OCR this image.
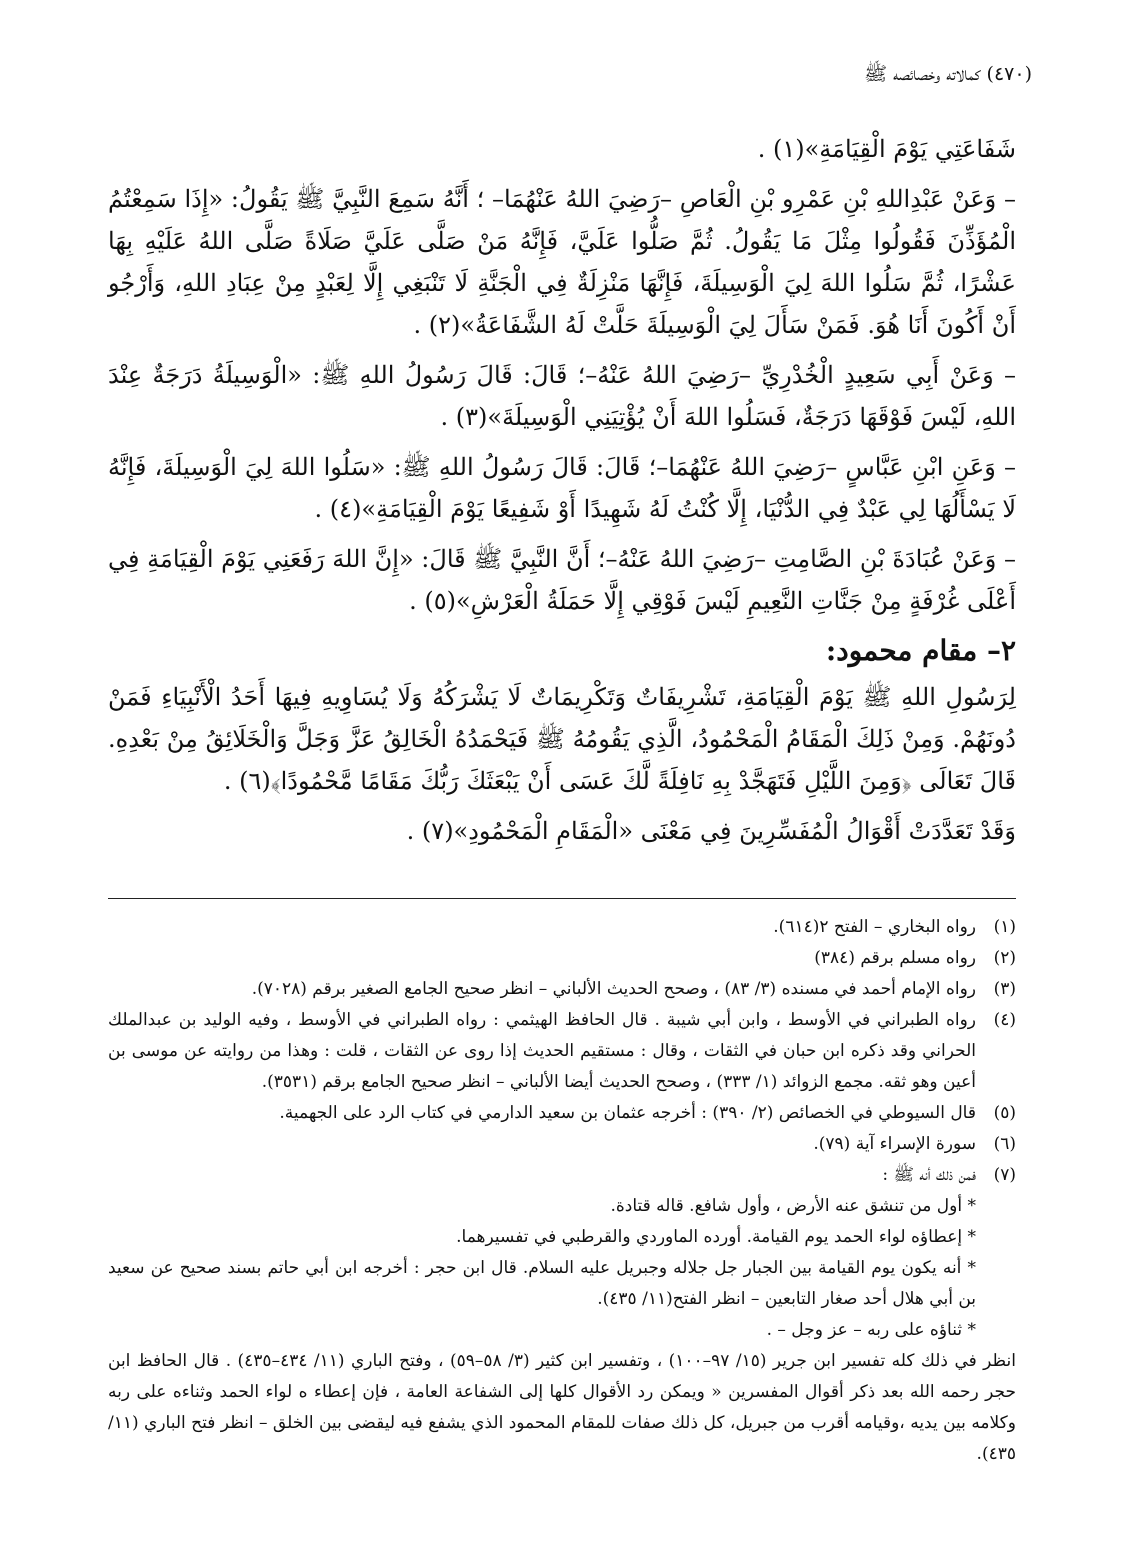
(٤٧٠) كمالاته وخصائصه ﷺ

شَفَاعَتِي يَوْمَ الْقِيَامَةِ»(١) .

– وَعَنْ عَبْدِاللهِ بْنِ عَمْرِو بْنِ الْعَاصِ –رَضِيَ اللهُ عَنْهُمَا– ؛ أَنَّهُ سَمِعَ النَّبِيَّ ﷺ يَقُولُ: «إِذَا سَمِعْتُمُ الْمُؤَذِّنَ فَقُولُوا مِثْلَ مَا يَقُولُ. ثُمَّ صَلُّوا عَلَيَّ، فَإِنَّهُ مَنْ صَلَّى عَلَيَّ صَلَاةً صَلَّى اللهُ عَلَيْهِ بِهَا عَشْرًا، ثُمَّ سَلُوا اللهَ لِيَ الْوَسِيلَةَ، فَإِنَّهَا مَنْزِلَةٌ فِي الْجَنَّةِ لَا تَنْبَغِي إِلَّا لِعَبْدٍ مِنْ عِبَادِ اللهِ، وَأَرْجُو أَنْ أَكُونَ أَنَا هُوَ. فَمَنْ سَأَلَ لِيَ الْوَسِيلَةَ حَلَّتْ لَهُ الشَّفَاعَةُ»(٢) .

– وَعَنْ أَبِي سَعِيدٍ الْخُدْرِيِّ –رَضِيَ اللهُ عَنْهُ–؛ قَالَ: قَالَ رَسُولُ اللهِ ﷺ: «الْوَسِيلَةُ دَرَجَةٌ عِنْدَ اللهِ، لَيْسَ فَوْقَهَا دَرَجَةٌ، فَسَلُوا اللهَ أَنْ يُؤْتِيَنِي الْوَسِيلَةَ»(٣) .

– وَعَنِ ابْنِ عَبَّاسٍ –رَضِيَ اللهُ عَنْهُمَا–؛ قَالَ: قَالَ رَسُولُ اللهِ ﷺ: «سَلُوا اللهَ لِيَ الْوَسِيلَةَ، فَإِنَّهُ لَا يَسْأَلُهَا لِي عَبْدٌ فِي الدُّنْيَا، إِلَّا كُنْتُ لَهُ شَهِيدًا أَوْ شَفِيعًا يَوْمَ الْقِيَامَةِ»(٤) .

– وَعَنْ عُبَادَةَ بْنِ الصَّامِتِ –رَضِيَ اللهُ عَنْهُ–؛ أَنَّ النَّبِيَّ ﷺ قَالَ: «إِنَّ اللهَ رَفَعَنِي يَوْمَ الْقِيَامَةِ فِي أَعْلَى غُرْفَةٍ مِنْ جَنَّاتِ النَّعِيمِ لَيْسَ فَوْقِي إِلَّا حَمَلَةُ الْعَرْشِ»(٥) .

٢– مقام محمود:

لِرَسُولِ اللهِ ﷺ يَوْمَ الْقِيَامَةِ، تَشْرِيفَاتٌ وَتَكْرِيمَاتٌ لَا يَشْرَكُهُ وَلَا يُسَاوِيهِ فِيهَا أَحَدُ الْأَنْبِيَاءِ فَمَنْ دُونَهُمْ. وَمِنْ ذَلِكَ الْمَقَامُ الْمَحْمُودُ، الَّذِي يَقُومُهُ ﷺ فَيَحْمَدُهُ الْخَالِقُ عَزَّ وَجَلَّ وَالْخَلَائِقُ مِنْ بَعْدِهِ. قَالَ تَعَالَى ﴿وَمِنَ اللَّيْلِ فَتَهَجَّدْ بِهِ نَافِلَةً لَّكَ عَسَى أَنْ يَبْعَثَكَ رَبُّكَ مَقَامًا مَّحْمُودًا﴾(٦) .

وَقَدْ تَعَدَّدَتْ أَقْوَالُ الْمُفَسِّرِينَ فِي مَعْنَى «الْمَقَامِ الْمَحْمُودِ»(٧) .

(١)رواه البخاري – الفتح ٢(٦١٤).

(٢)رواه مسلم برقم (٣٨٤)

(٣)رواه الإمام أحمد في مسنده (٣/ ٨٣) ، وصحح الحديث الألباني – انظر صحيح الجامع الصغير برقم (٧٠٢٨).

(٤)رواه الطبراني في الأوسط ، وابن أبي شيبة . قال الحافظ الهيثمي : رواه الطبراني في الأوسط ، وفيه الوليد بن عبدالملك الحراني وقد ذكره ابن حبان في الثقات ، وقال : مستقيم الحديث إذا روى عن الثقات ، قلت : وهذا من روايته عن موسى بن أعين وهو ثقه. مجمع الزوائد (١/ ٣٣٣) ، وصحح الحديث أيضا الألباني – انظر صحيح الجامع برقم (٣٥٣١).

(٥)قال السيوطي في الخصائص (٢/ ٣٩٠) : أخرجه عثمان بن سعيد الدارمي في كتاب الرد على الجهمية.

(٦)سورة الإسراء آية (٧٩).

(٧)فمن ذلك أنه ﷺ :

* أول من تنشق عنه الأرض ، وأول شافع. قاله قتادة.

* إعطاؤه لواء الحمد يوم القيامة. أورده الماوردي والقرطبي في تفسيرهما.

* أنه يكون يوم القيامة بين الجبار جل جلاله وجبريل عليه السلام. قال ابن حجر : أخرجه ابن أبي حاتم بسند صحيح عن سعيد بن أبي هلال أحد صغار التابعين – انظر الفتح(١١/ ٤٣٥).

* ثناؤه على ربه – عز وجل – .

انظر في ذلك كله تفسير ابن جرير (١٥/ ٩٧–١٠٠) ، وتفسير ابن كثير (٣/ ٥٨–٥٩) ، وفتح الباري (١١/ ٤٣٤–٤٣٥) . قال الحافظ ابن حجر رحمه الله بعد ذكر أقوال المفسرين « ويمكن رد الأقوال كلها إلى الشفاعة العامة ، فإن إعطاء ه لواء الحمد وثناءه على ربه وكلامه بين يديه ،وقيامه أقرب من جبريل، كل ذلك صفات للمقام المحمود الذي يشفع فيه ليقضى بين الخلق – انظر فتح الباري (١١/ ٤٣٥).
